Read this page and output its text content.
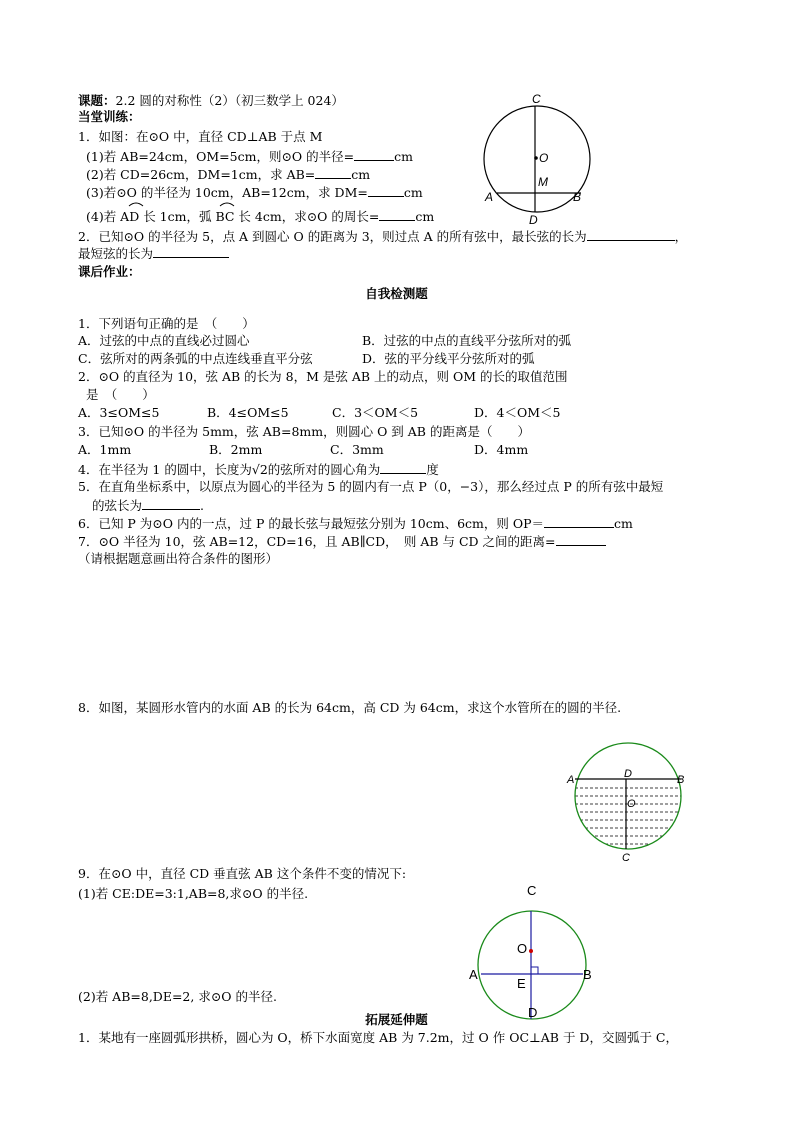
课题：2.2 圆的对称性（2）（初三数学上 024）
当堂训练：
1．如图：在⊙O 中，直径 CD⊥AB 于点 M
(1)若 AB=24cm，OM=5cm，则⊙O 的半径=	cm
(2)若 CD=26cm，DM=1cm，求 AB=	cm
(3)若⊙O 的半径为 10cm，AB=12cm，求 DM=	cm
(4)若 AD 长 1cm，弧 BC 长 4cm，求⊙O 的周长=	cm
2．已知⊙O 的半径为 5，点 A 到圆心 O 的距离为 3，则过点 A 的所有弦中，最长弦的长为	，
最短弦的长为
课后作业：
C
O
M
A	B
D
自我检测题
1．下列语句正确的是　（　　）
A．过弦的中点的直线必过圆心	B．过弦的中点的直线平分弦所对的弧
C．弦所对的两条弧的中点连线垂直平分弦	D．弦的平分线平分弦所对的弧
2．⊙O 的直径为 10，弦 AB 的长为 8，M 是弦 AB 上的动点，则 OM 的长的取值范围
是　（　　）
A．3≤OM≤5	B．4≤OM≤5	C．3＜OM＜5	D．4＜OM＜5
3．已知⊙O 的半径为 5mm，弦 AB=8mm，则圆心 O 到 AB 的距离是（　　）
A．1mm	B．2mm	C．3mm	D．4mm
4．在半径为 1 的圆中，长度为√2的弦所对的圆心角为	度
5．在直角坐标系中，以原点为圆心的半径为 5 的圆内有一点 P（0，−3），那么经过点 P 的所有弦中最短
的弦长为	.
6．已知 P 为⊙O 内的一点，过 P 的最长弦与最短弦分别为 10cm、6cm，则 OP＝	cm
7．⊙O 半径为 10，弦 AB=12，CD=16，且 AB∥CD，　则 AB 与 CD 之间的距离=
（请根据题意画出符合条件的图形）
8．如图，某圆形水管内的水面 AB 的长为 64cm，高 CD 为 64cm，求这个水管所在的圆的半径.
A	D	B
O
C
9．在⊙O 中，直径 CD 垂直弦 AB 这个条件不变的情况下:
(1)若 CE:DE=3:1,AB=8,求⊙O 的半径.
(2)若 AB=8,DE=2, 求⊙O 的半径.
C
O
A	B
E
D
拓展延伸题
1．某地有一座圆弧形拱桥，圆心为 O，桥下水面宽度 AB 为 7.2m，过 O 作 OC⊥AB 于 D，交圆弧于 C，
